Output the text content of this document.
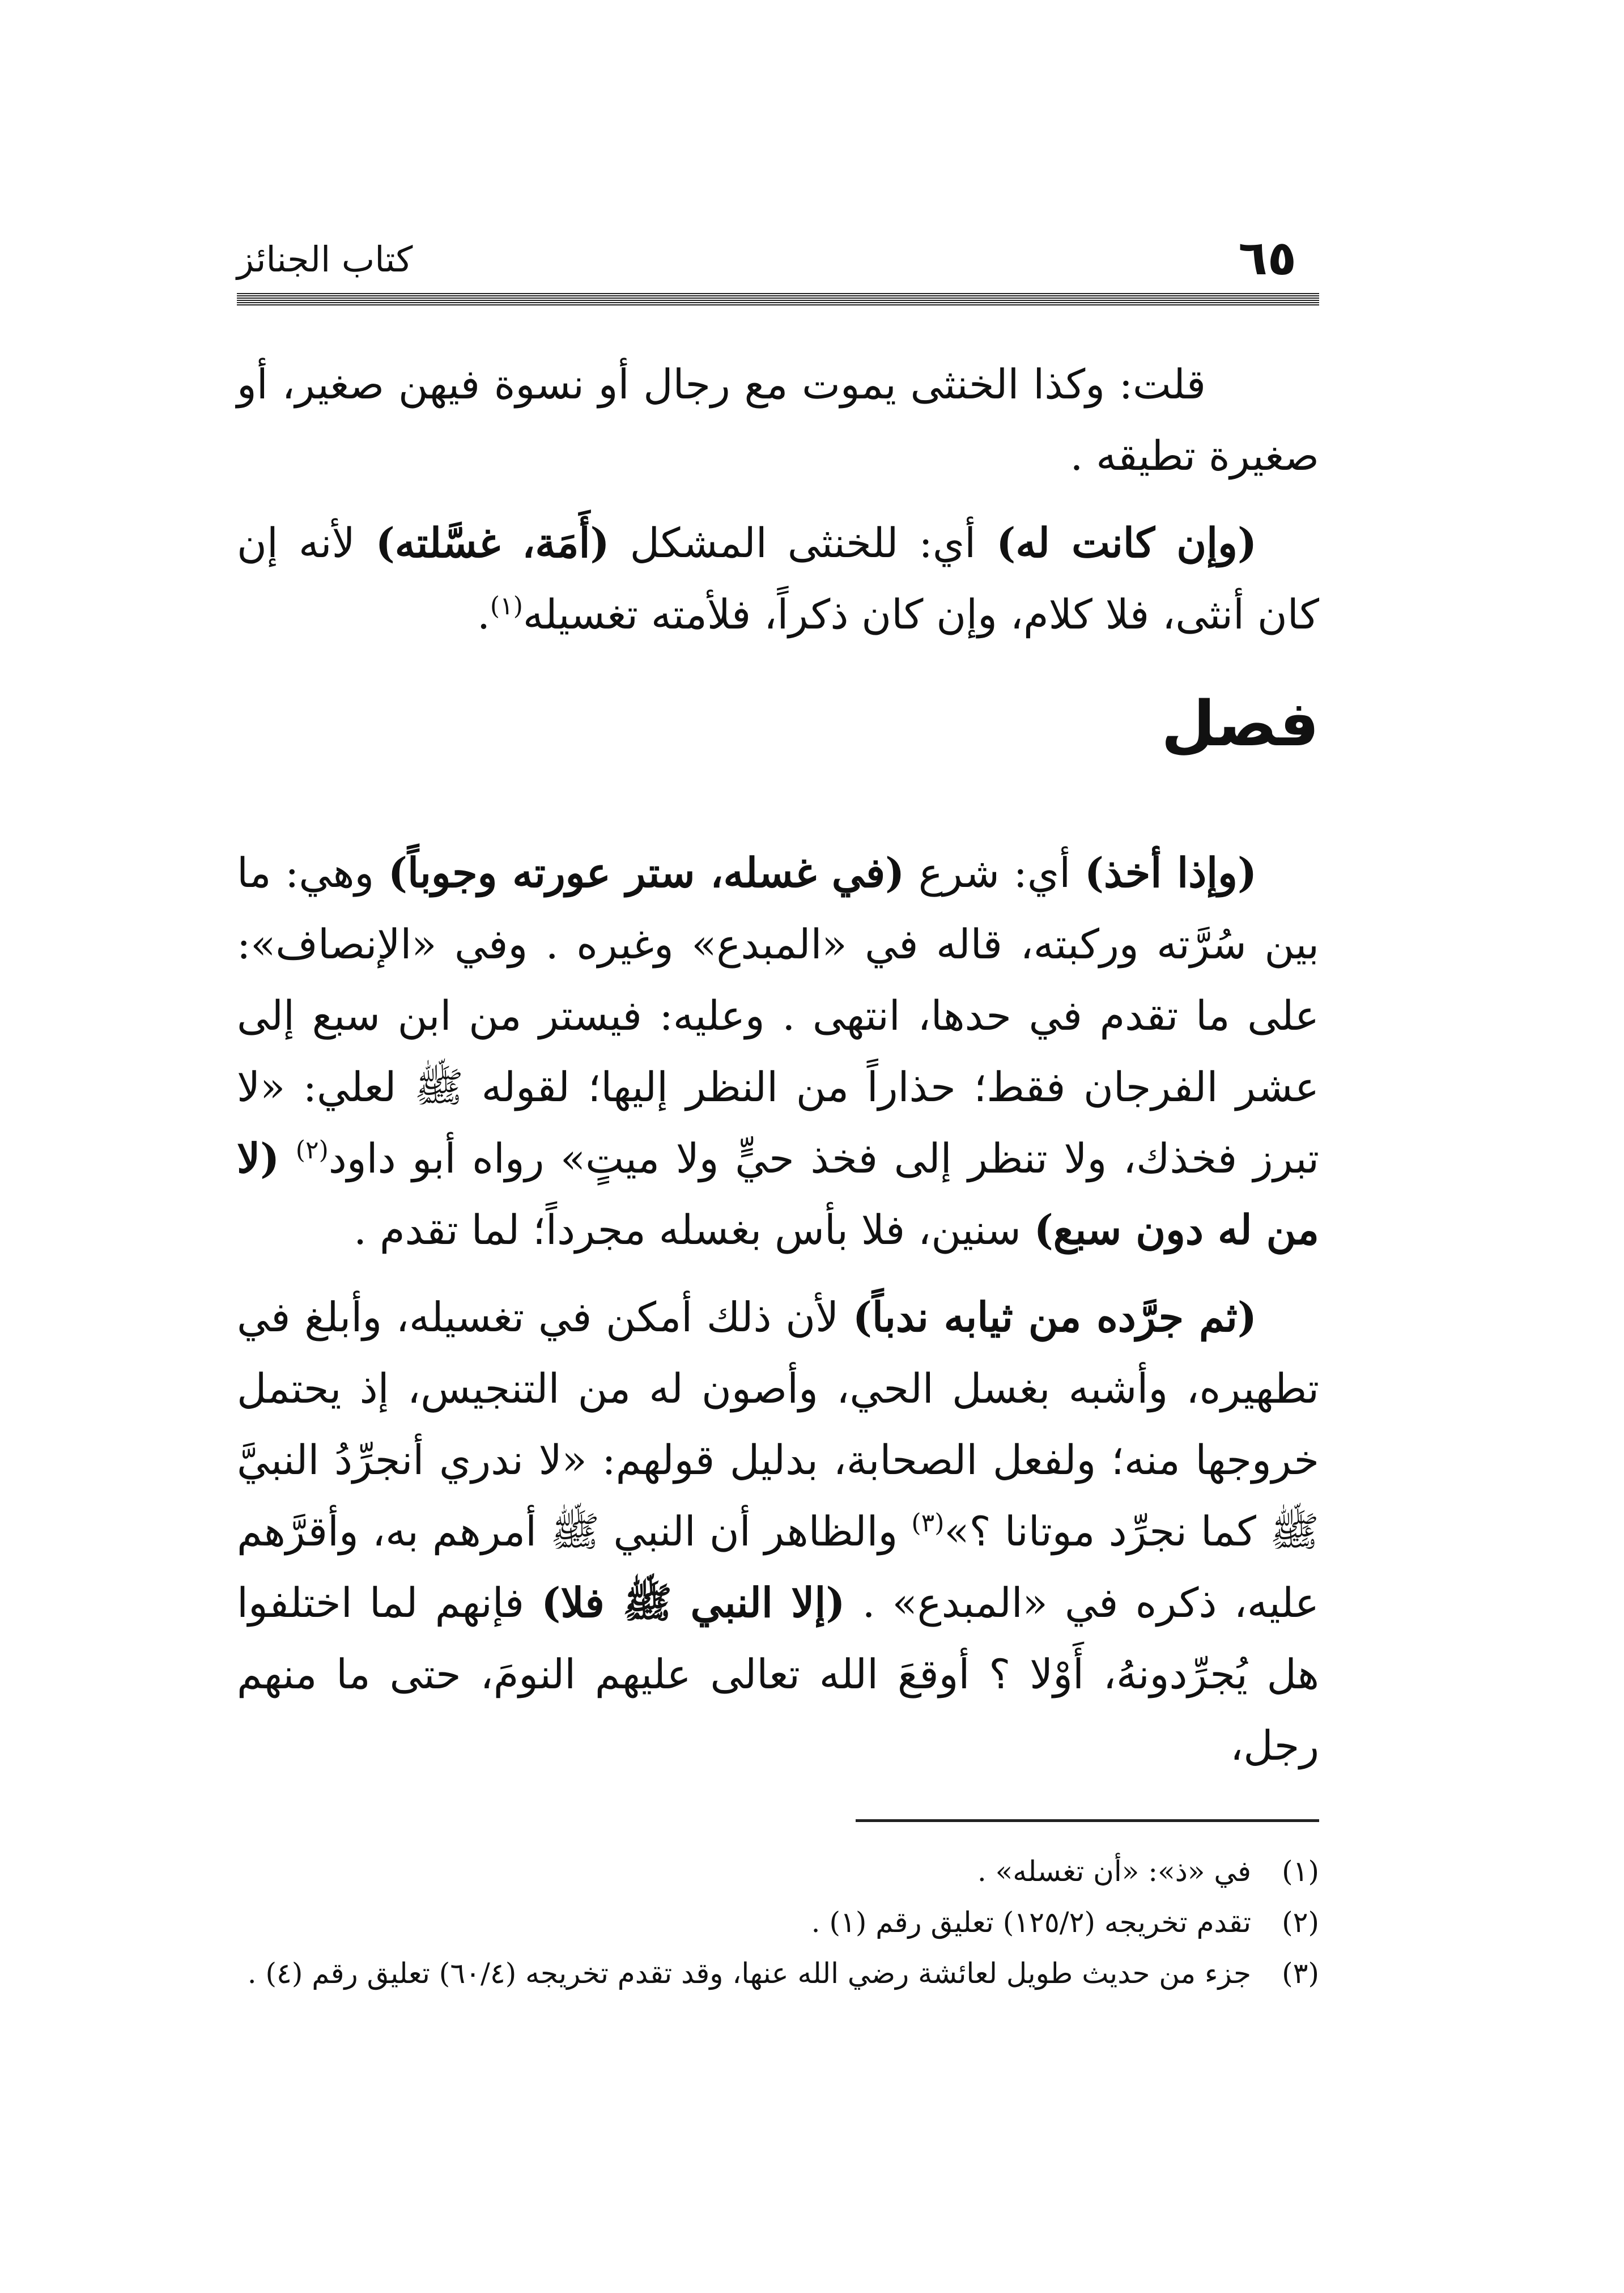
٦٥
كتاب الجنائز

قلت: وكذا الخنثى يموت مع رجال أو نسوة فيهن صغير، أو صغيرة تطيقه .

(وإن كانت له) أي: للخنثى المشكل (أَمَة، غسَّلته) لأنه إن كان أنثى، فلا كلام، وإن كان ذكراً، فلأمته تغسيله$^{(١)}$.

فصل

(وإذا أخذ) أي: شرع (في غسله، ستر عورته وجوباً) وهي: ما بين سُرَّته وركبته، قاله في «المبدع» وغيره . وفي «الإنصاف»: على ما تقدم في حدها، انتهى . وعليه: فيستر من ابن سبع إلى عشر الفرجان فقط؛ حذاراً من النظر إليها؛ لقوله ﷺ لعلي: «لا تبرز فخذك، ولا تنظر إلى فخذ حيٍّ ولا ميتٍ» رواه أبو داود$^{(٢)}$ (لا من له دون سبع) سنين، فلا بأس بغسله مجرداً؛ لما تقدم .

(ثم جرَّده من ثيابه ندباً) لأن ذلك أمكن في تغسيله، وأبلغ في تطهيره، وأشبه بغسل الحي، وأصون له من التنجيس، إذ يحتمل خروجها منه؛ ولفعل الصحابة، بدليل قولهم: «لا ندري أنجرِّدُ النبيَّ ﷺ كما نجرِّد موتانا ؟»$^{(٣)}$ والظاهر أن النبي ﷺ أمرهم به، وأقرَّهم عليه، ذكره في «المبدع» . (إلا النبي ﷺ فلا) فإنهم لما اختلفوا هل يُجرِّدونهُ، أَوْلا ؟ أوقعَ الله تعالى عليهم النومَ، حتى ما منهم رجل،

(١)
في «ذ»: «أن تغسله» .
(٢)
تقدم تخريجه (١٢٥/٢) تعليق رقم (١) .
(٣)
جزء من حديث طويل لعائشة رضي الله عنها، وقد تقدم تخريجه (٦٠/٤) تعليق رقم (٤) .
